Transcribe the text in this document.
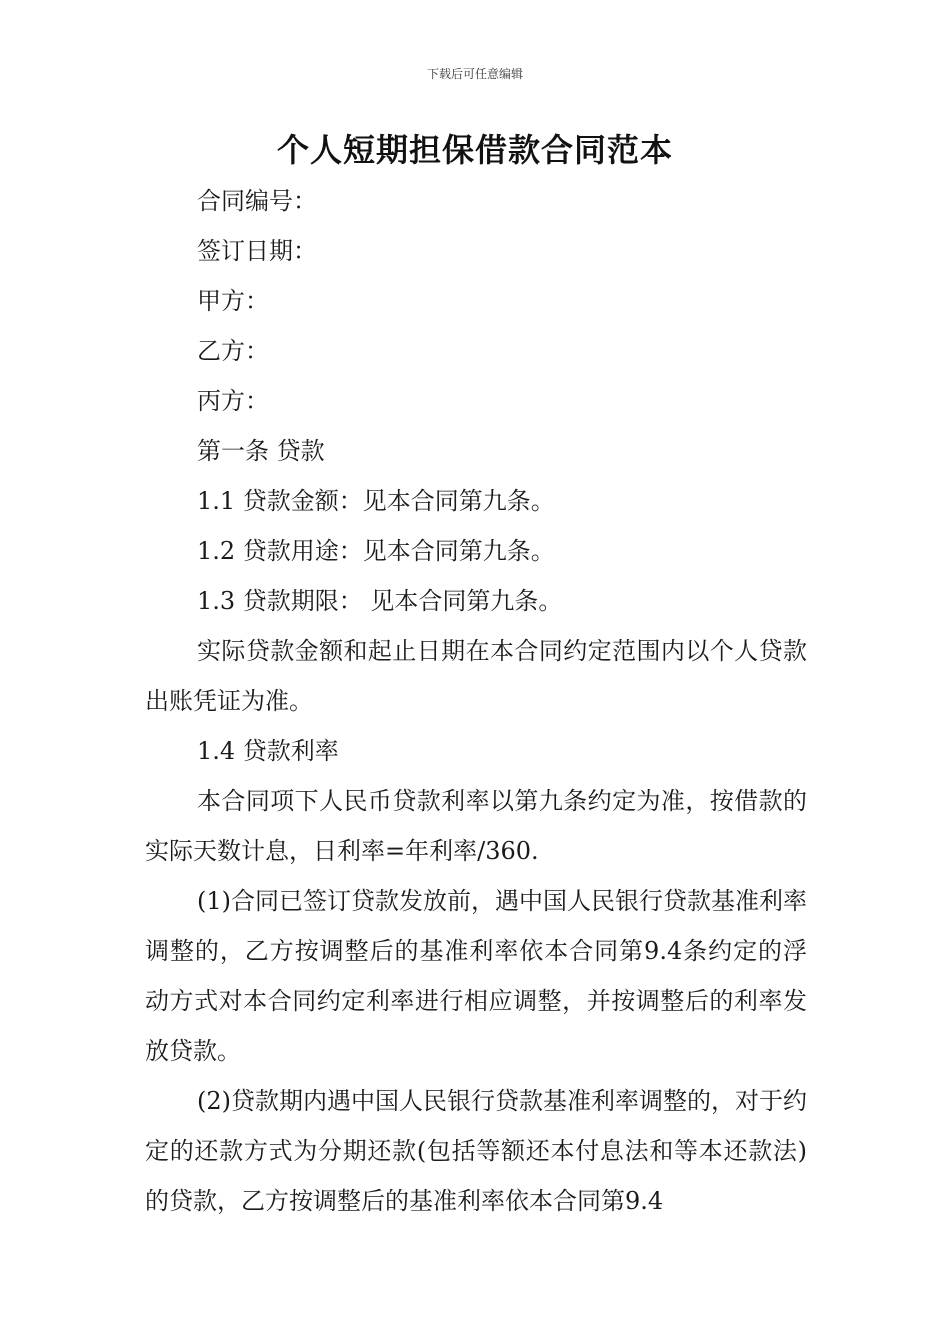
下载后可任意编辑
个人短期担保借款合同范本

合同编号：

签订日期：

甲方：

乙方：

丙方：

第一条 贷款

1.1 贷款金额：见本合同第九条。

1.2 贷款用途：见本合同第九条。

1.3 贷款期限： 见本合同第九条。

实际贷款金额和起止日期在本合同约定范围内以个人贷款出账凭证为准。

1.4 贷款利率

本合同项下人民币贷款利率以第九条约定为准，按借款的实际天数计息，日利率=年利率/360.

(1)合同已签订贷款发放前，遇中国人民银行贷款基准利率调整的，乙方按调整后的基准利率依本合同第9.4条约定的浮动方式对本合同约定利率进行相应调整，并按调整后的利率发放贷款。

(2)贷款期内遇中国人民银行贷款基准利率调整的，对于约定的还款方式为分期还款(包括等额还本付息法和等本还款法)的贷款，乙方按调整后的基准利率依本合同第9.4
